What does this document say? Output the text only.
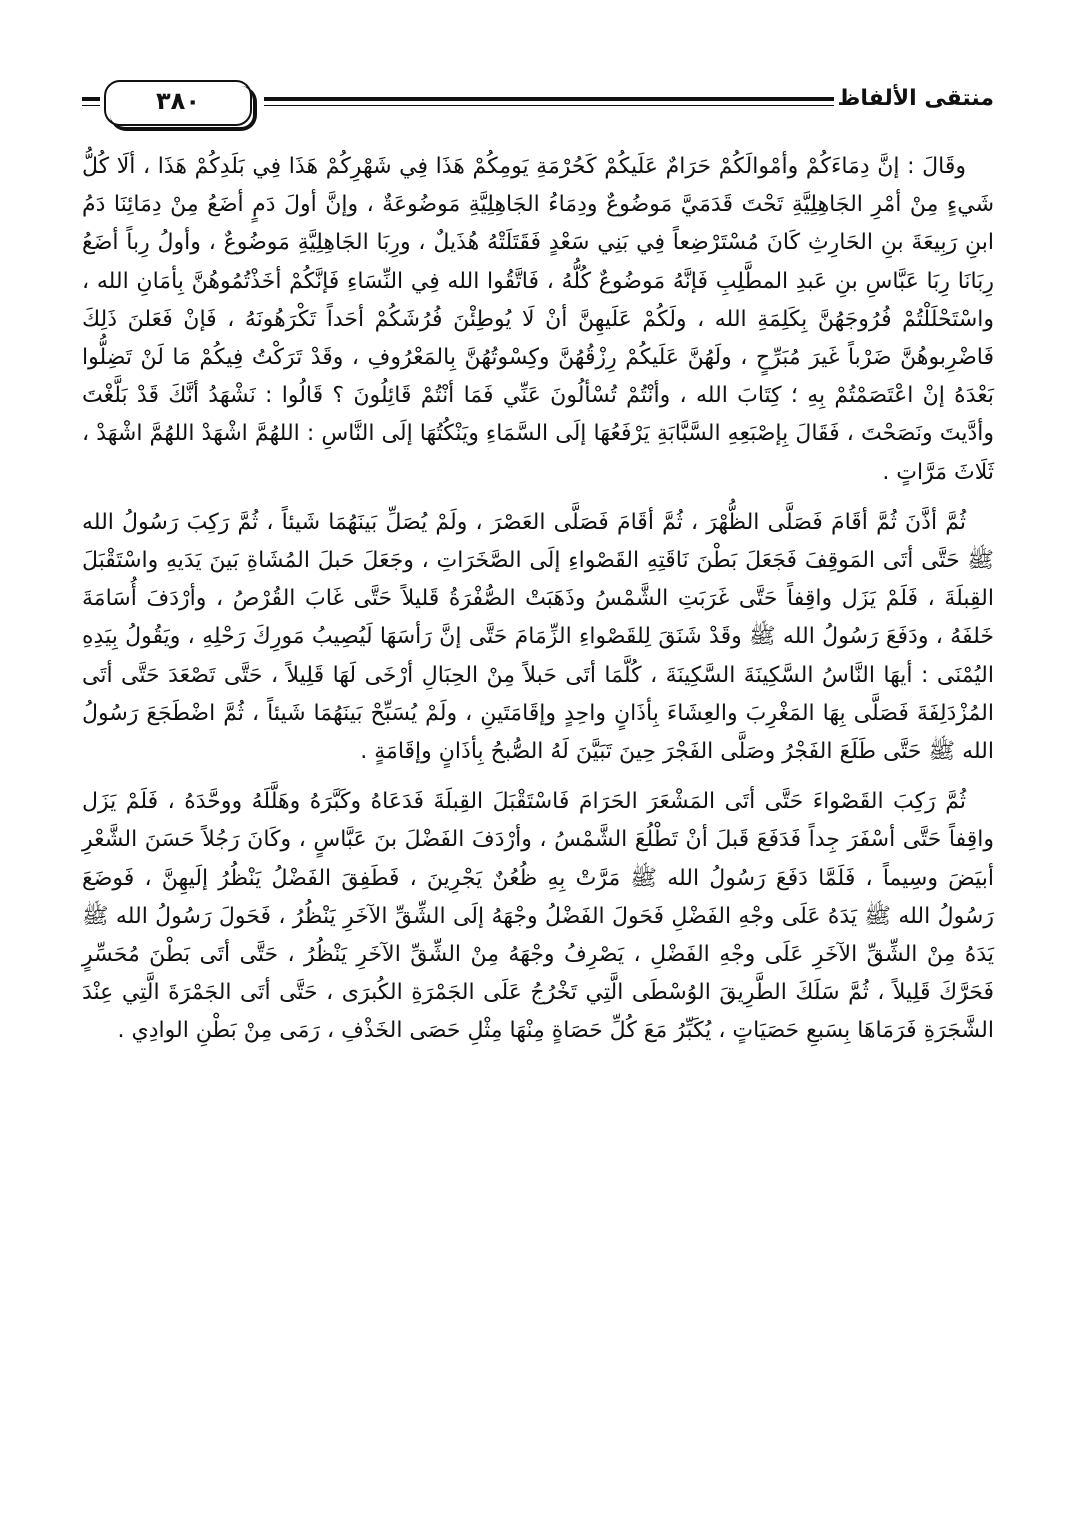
منتقى الألفاظ
٣٨٠

وقَالَ : إنَّ دِمَاءَكُمْ وأمْوالَكُمْ حَرَامٌ عَلَيكُمْ كَحُرْمَةِ يَومِكُمْ هَذَا فِي شَهْرِكُمْ هَذَا فِي بَلَدِكُمْ هَذَا ، ألَا كُلُّ شَيءٍ مِنْ أمْرِ الجَاهِلِيَّةِ تَحْتَ قَدَمَيَّ مَوضُوعٌ ودِمَاءُ الجَاهِلِيَّةِ مَوضُوعَةٌ ، وإنَّ أولَ دَمٍ أضَعُ مِنْ دِمَائِنَا دَمُ ابنِ رَبِيعَةَ بنِ الحَارِثِ كَانَ مُسْتَرْضِعاً فِي بَنِي سَعْدٍ فَقَتَلَتْهُ هُذَيلٌ ، ورِبَا الجَاهِلِيَّةِ مَوضُوعٌ ، وأولُ رِباً أضَعُ رِبَانَا رِبَا عَبَّاسِ بنِ عَبدِ المطَّلِبِ فَإنَّهُ مَوضُوعٌ كُلُّهُ ، فَاتَّقُوا الله فِي النِّسَاءِ فَإنَّكُمْ أخَذْتُمُوهُنَّ بِأمَانِ الله ، واسْتَحْلَلْتُمْ فُرُوجَهُنَّ بِكَلِمَةِ الله ، ولَكُمْ عَلَيهِنَّ أنْ لَا يُوطِئْنَ فُرُشَكُمْ أحَداً تَكْرَهُونَهُ ، فَإنْ فَعَلنَ ذَلِكَ فَاضْرِبوهُنَّ ضَرْباً غَيرَ مُبَرِّحٍ ، ولَهُنَّ عَلَيكُمْ رِزْقُهُنَّ وكِسْوتُهُنَّ بِالمَعْرُوفِ ، وقَدْ تَرَكْتُ فِيكُمْ مَا لَنْ تَضِلُّوا بَعْدَهُ إنْ اعْتَصَمْتُمْ بِهِ ؛ كِتَابَ الله ، وأنْتُمْ تُسْألُونَ عَنِّي فَمَا أنْتُمْ قَائِلُونَ ؟ قَالُوا : نَشْهَدُ أنَّكَ قَدْ بَلَّغْتَ وأدَّيتَ ونَصَحْتَ ، فَقَالَ بِإصْبَعِهِ السَّبَّابَةِ يَرْفَعُهَا إلَى السَّمَاءِ ويَنْكُتُهَا إلَى النَّاسِ : اللهُمَّ اشْهَدْ اللهُمَّ اشْهَدْ ، ثَلَاثَ مَرَّاتٍ .

ثُمَّ أذَّنَ ثُمَّ أقَامَ فَصَلَّى الظُّهْرَ ، ثُمَّ أقَامَ فَصَلَّى العَصْرَ ، ولَمْ يُصَلِّ بَينَهُمَا شَيئاً ، ثُمَّ رَكِبَ رَسُولُ الله ﷺ حَتَّى أتَى المَوقِفَ فَجَعَلَ بَطْنَ نَاقَتِهِ القَصْواءِ إلَى الصَّخَرَاتِ ، وجَعَلَ حَبلَ المُشَاةِ بَينَ يَدَيهِ واسْتَقْبَلَ القِبلَةَ ، فَلَمْ يَزَل واقِفاً حَتَّى غَرَبَتِ الشَّمْسُ وذَهَبَتْ الصُّفْرَةُ قَليلاً حَتَّى غَابَ القُرْصُ ، وأرْدَفَ أُسَامَةَ خَلفَهُ ، ودَفَعَ رَسُولُ الله ﷺ وقَدْ شَنَقَ لِلقَصْواءِ الزِّمَامَ حَتَّى إنَّ رَأسَهَا لَيُصِيبُ مَورِكَ رَحْلِهِ ، ويَقُولُ بِيَدِهِ اليُمْنَى : أيهَا النَّاسُ السَّكِينَةَ السَّكِينَةَ ، كُلَّمَا أتَى حَبلاً مِنْ الحِبَالِ أرْخَى لَهَا قَلِيلاً ، حَتَّى تَصْعَدَ حَتَّى أتَى المُزْدَلِفَةَ فَصَلَّى بِهَا المَغْرِبَ والعِشَاءَ بِأذَانٍ واحِدٍ وإقَامَتَينِ ، ولَمْ يُسَبِّحْ بَينَهُمَا شَيئاً ، ثُمَّ اضْطَجَعَ رَسُولُ الله ﷺ حَتَّى طَلَعَ الفَجْرُ وصَلَّى الفَجْرَ حِينَ تَبَيَّنَ لَهُ الصُّبحُ بِأذَانٍ وإقَامَةٍ .

ثُمَّ رَكِبَ القَصْواءَ حَتَّى أتَى المَشْعَرَ الحَرَامَ فَاسْتَقْبَلَ القِبلَةَ فَدَعَاهُ وكَبَّرَهُ وهَلَّلَهُ ووحَّدَهُ ، فَلَمْ يَزَل واقِفاً حَتَّى أسْفَرَ جِداً فَدَفَعَ قَبلَ أنْ تَطْلُعَ الشَّمْسُ ، وأرْدَفَ الفَضْلَ بنَ عَبَّاسٍ ، وكَانَ رَجُلاً حَسَنَ الشَّعْرِ أبيَضَ وسِيماً ، فَلَمَّا دَفَعَ رَسُولُ الله ﷺ مَرَّتْ بِهِ ظُعُنٌ يَجْرِينَ ، فَطَفِقَ الفَضْلُ يَنْظُرُ إلَيهِنَّ ، فَوضَعَ رَسُولُ الله ﷺ يَدَهُ عَلَى وجْهِ الفَضْلِ فَحَولَ الفَضْلُ وجْهَهُ إلَى الشِّقِّ الآخَرِ يَنْظُرُ ، فَحَولَ رَسُولُ الله ﷺ يَدَهُ مِنْ الشِّقِّ الآخَرِ عَلَى وجْهِ الفَضْلِ ، يَصْرِفُ وجْهَهُ مِنْ الشِّقِّ الآخَرِ يَنْظُرُ ، حَتَّى أتَى بَطْنَ مُحَسِّرٍ فَحَرَّكَ قَلِيلاً ، ثُمَّ سَلَكَ الطَّرِيقَ الوُسْطَى الَّتِي تَخْرُجُ عَلَى الجَمْرَةِ الكُبرَى ، حَتَّى أتَى الجَمْرَةَ الَّتِي عِنْدَ الشَّجَرَةِ فَرَمَاهَا بِسَبعِ حَصَيَاتٍ ، يُكَبِّرُ مَعَ كُلِّ حَصَاةٍ مِنْهَا مِثْلِ حَصَى الخَذْفِ ، رَمَى مِنْ بَطْنِ الوادِي .
